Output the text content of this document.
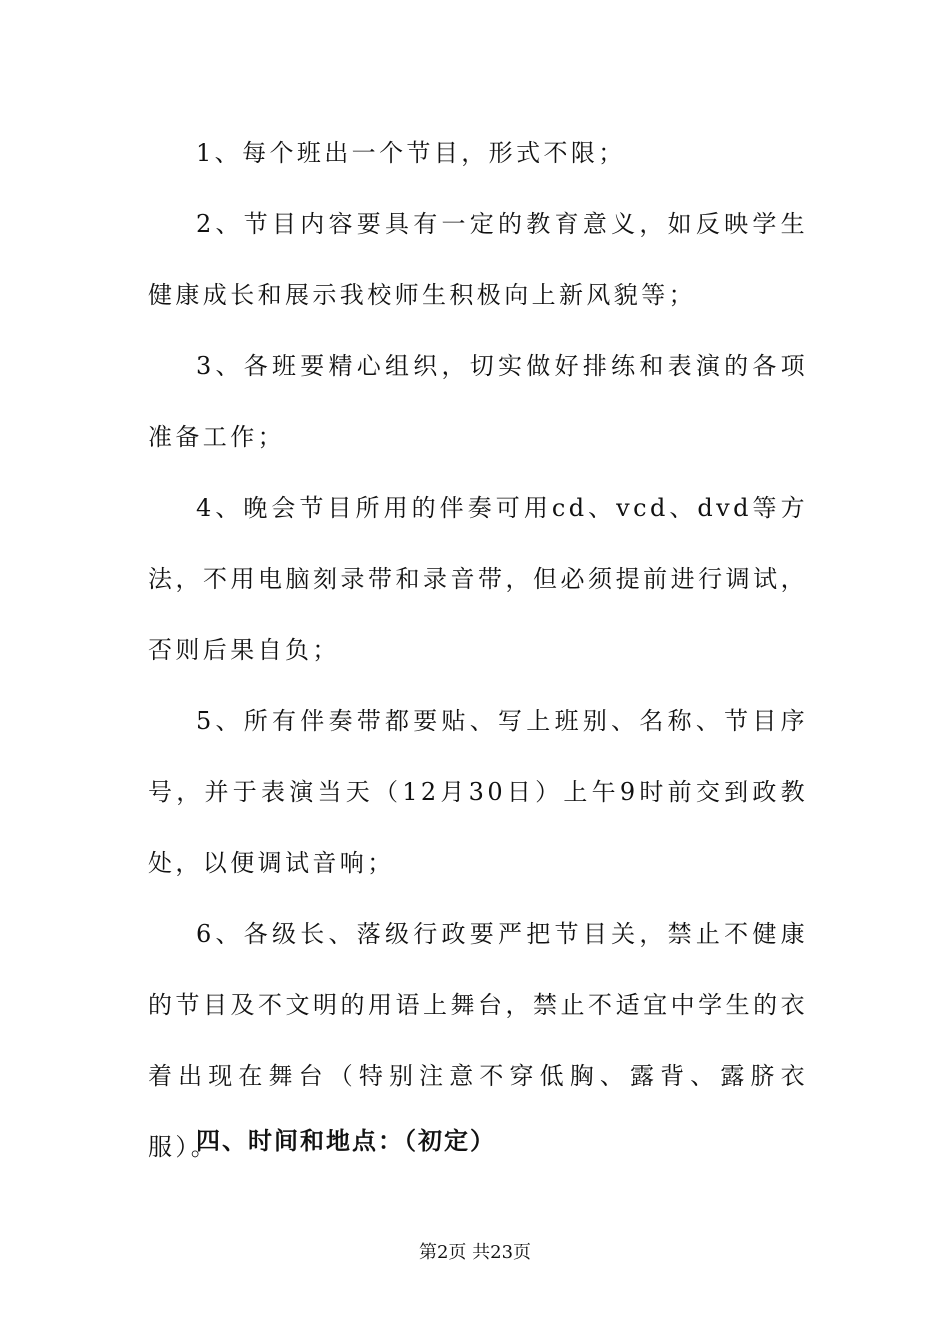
1、每个班出一个节目，形式不限；

2、节目内容要具有一定的教育意义，如反映学生健康成长和展示我校师生积极向上新风貌等；

3、各班要精心组织，切实做好排练和表演的各项准备工作；

4、晚会节目所用的伴奏可用cd、vcd、dvd等方法，不用电脑刻录带和录音带，但必须提前进行调试，否则后果自负；

5、所有伴奏带都要贴、写上班别、名称、节目序号，并于表演当天（12月30日）上午9时前交到政教处，以便调试音响；

6、各级长、落级行政要严把节目关，禁止不健康的节目及不文明的用语上舞台，禁止不适宜中学生的衣着出现在舞台（特别注意不穿低胸、露背、露脐衣服）。

四、时间和地点：（初定）

第2页 共23页
